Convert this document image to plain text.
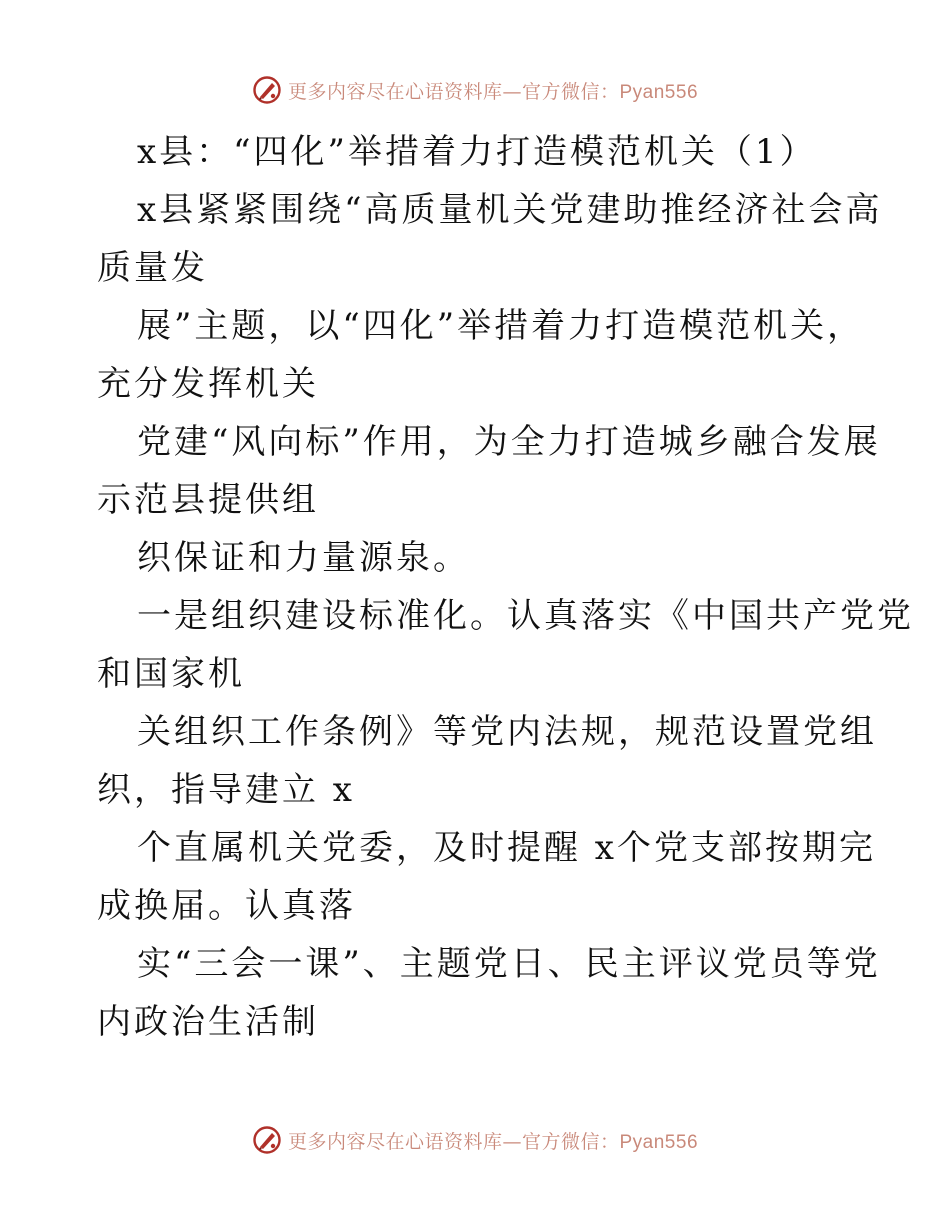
更多内容尽在心语资料库—官方微信：Pyan556

x县：“四化”举措着力打造模范机关（1）

x县紧紧围绕“高质量机关党建助推经济社会高

质量发

展”主题，以“四化”举措着力打造模范机关，

充分发挥机关

党建“风向标”作用，为全力打造城乡融合发展

示范县提供组

织保证和力量源泉。

一是组织建设标准化。认真落实《中国共产党党

和国家机

关组织工作条例》等党内法规，规范设置党组

织，指导建立 x

个直属机关党委，及时提醒 x个党支部按期完

成换届。认真落

实“三会一课”、主题党日、民主评议党员等党

内政治生活制

更多内容尽在心语资料库—官方微信：Pyan556
